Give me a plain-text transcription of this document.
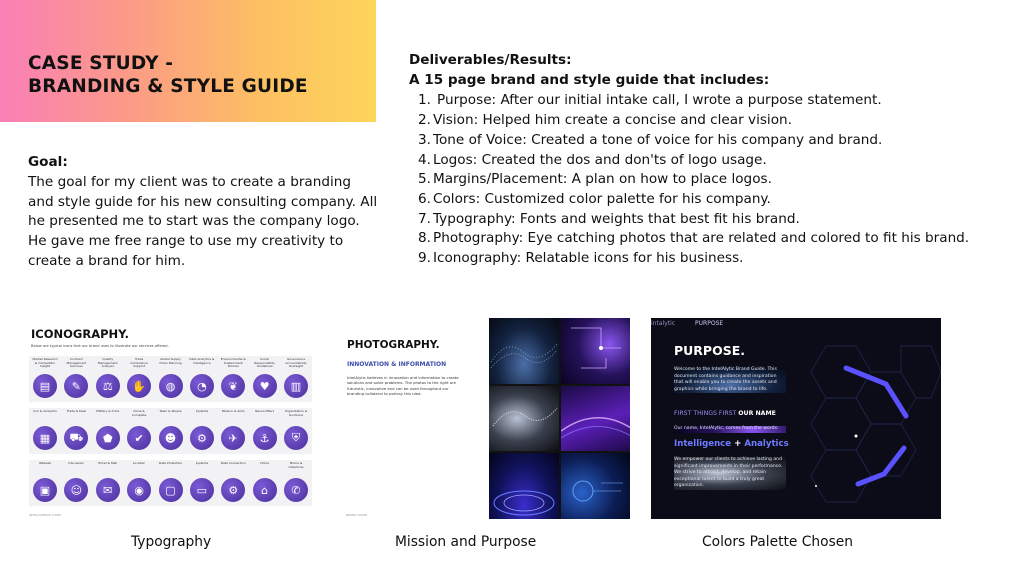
CASE STUDY -
BRANDING & STYLE GUIDE
Goal:
The goal for my client was to create a branding and style guide for his new consulting company. All he presented me to start was the company logo. He gave me free range to use my creativity to create a brand for him.
Deliverables/Results:
A 15 page brand and style guide that includes:
1. Purpose: After our initial intake call, I wrote a purpose statement.
2. Vision: Helped him create a concise and clear vision.
3. Tone of Voice: Created a tone of voice for his company and brand.
4. Logos: Created the dos and don'ts of logo usage.
5. Margins/Placement: A plan on how to place logos.
6. Colors: Customized color palette for his company.
7. Typography: Fonts and weights that best fit his brand.
8. Photography: Eye catching photos that are related and colored to fit his brand.
9. Iconography: Relatable icons for his business.
ICONOGRAPHY.
Below are typical icons that our brand uses to illustrate our services offered.
Market Research & Competitor Insight
▤
Contract Management Services
✎
Quality Management Analysis
⚖
Trade Compliance Support
✋
Global Supply Chain Planning
◍
Data Analytics & Intelligence
◔
Environmental & Sustainment Policies
❦
Social Responsibility Guidelines
♥
Governance Accountability Oversight
▥
Iron & Analytics
▦
Trade & Deal
⛟
Military & Arms
⬟
Done & Complete
✔
Team & People
☻
Systems
⚙
Mission & Aims
✈
Naval Affairs
⚓
Organization & Guidance
⛨
Website
▣
Discussion
☺
Email & Mail
✉
Location
◉
Data Protection
▢
Systems
▭
Data Connection
⚙
Home
⌂
Phone & Cellphone
✆
INTELLIGENCE GUIDE
PHOTOGRAPHY.
INNOVATION & INFORMATION
IntelAlytic believes in innovation and information to create solutions and solve problems. The photos to the right are futuristic, innovative and can be used throughout our branding collateral to portray this idea.
BRAND GUIDE
intalytic	PURPOSE
PURPOSE.
Welcome to the IntelAlytic Brand Guide. This document contains guidance and inspiration that will enable you to create the assets and graphics while bringing the brand to life.
FIRST THINGS FIRST OUR NAME
Our name, IntelAlytic, comes from the words:
Intelligence + Analytics
We empower our clients to achieve lasting and significant improvements in their performance. We strive to attract, develop, and retain exceptional talent to build a truly great organization.
Typography	Mission and Purpose	Colors Palette Chosen
